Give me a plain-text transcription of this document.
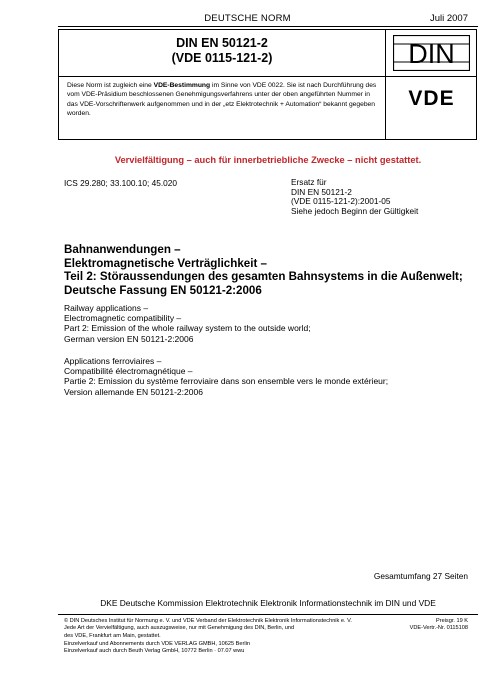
DEUTSCHE NORM	Juli 2007
DIN EN 50121-2
(VDE 0115-121-2)
Diese Norm ist zugleich eine VDE-Bestimmung im Sinne von VDE 0022. Sie ist nach Durchführung des vom VDE-Präsidium beschlossenen Genehmigungsverfahrens unter der oben angeführten Nummer in das VDE-Vorschriftenwerk aufgenommen und in der „etz Elektrotechnik + Automation“ bekannt gegeben worden.
DIN
VDE
Vervielfältigung – auch für innerbetriebliche Zwecke – nicht gestattet.
ICS 29.280; 33.100.10; 45.020	Ersatz für
DIN EN 50121-2
(VDE 0115-121-2):2001-05
Siehe jedoch Beginn der Gültigkeit
Bahnanwendungen –
Elektromagnetische Verträglichkeit –
Teil 2: Störaussendungen des gesamten Bahnsystems in die Außenwelt;
Deutsche Fassung EN 50121-2:2006
Railway applications –
Electromagnetic compatibility –
Part 2: Emission of the whole railway system to the outside world;
German version EN 50121-2:2006
Applications ferroviaires –
Compatibilité électromagnétique –
Partie 2: Emission du système ferroviaire dans son ensemble vers le monde extérieur;
Version allemande EN 50121-2:2006
Gesamtumfang 27 Seiten
DKE Deutsche Kommission Elektrotechnik Elektronik Informationstechnik im DIN und VDE
© DIN Deutsches Institut für Normung e. V. und VDE Verband der Elektrotechnik Elektronik Informationstechnik e. V.
Jede Art der Vervielfältigung, auch auszugsweise, nur mit Genehmigung des DIN, Berlin, und
des VDE, Frankfurt am Main, gestattet.
Preisgr. 19 K
VDE-Vertr.-Nr. 0115108
Einzelverkauf und Abonnements durch VDE VERLAG GMBH, 10625 Berlin
Einzelverkauf auch durch Beuth Verlag GmbH, 10772 Berlin · 07.07 wwu
